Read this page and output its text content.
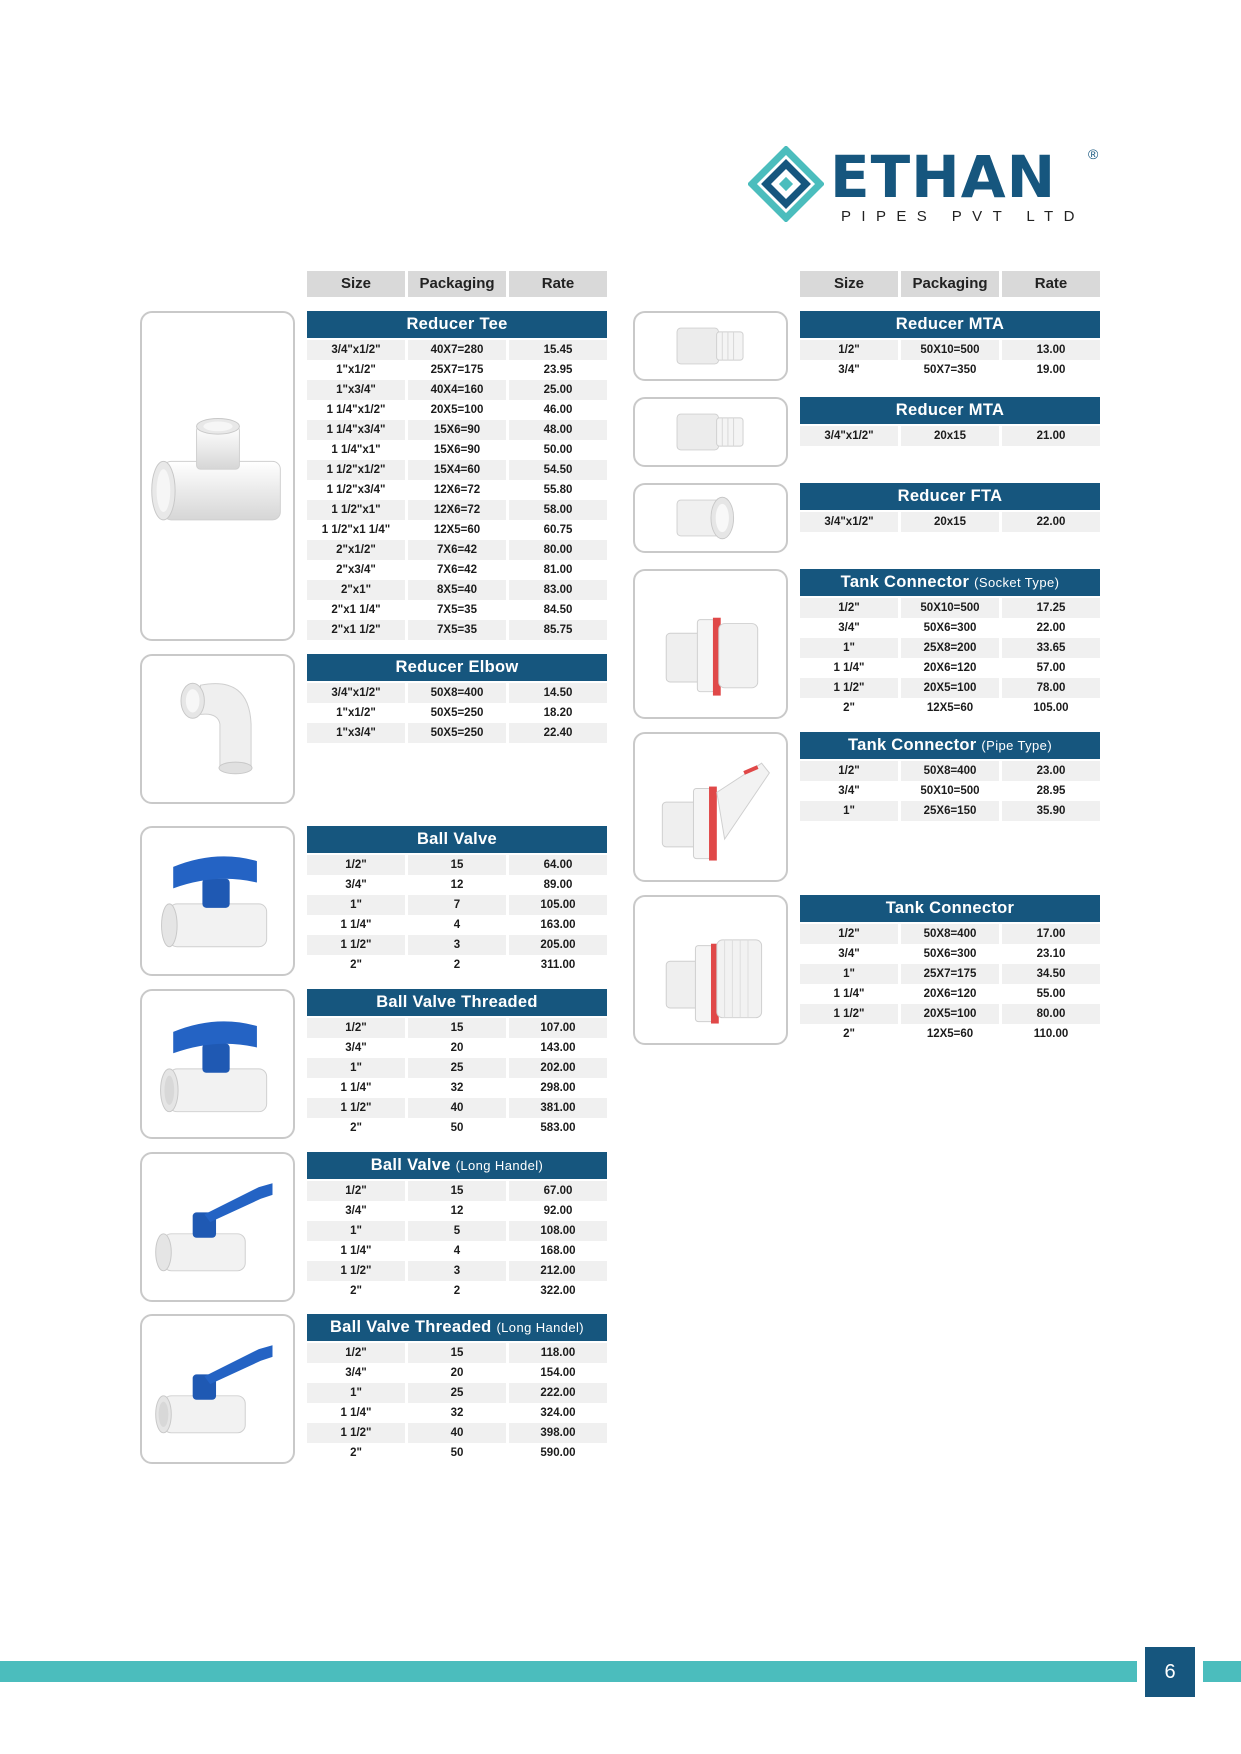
ETHAN ®
PIPES PVT LTD
Size	Packaging	Rate	Size	Packaging	Rate
Reducer Tee
3/4"x1/2"	40X7=280	15.45
1"x1/2"	25X7=175	23.95
1"x3/4"	40X4=160	25.00
1 1/4"x1/2"	20X5=100	46.00
1 1/4"x3/4"	15X6=90	48.00
1 1/4"x1"	15X6=90	50.00
1 1/2"x1/2"	15X4=60	54.50
1 1/2"x3/4"	12X6=72	55.80
1 1/2"x1"	12X6=72	58.00
1 1/2"x1 1/4"	12X5=60	60.75
2"x1/2"	7X6=42	80.00
2"x3/4"	7X6=42	81.00
2"x1"	8X5=40	83.00
2"x1 1/4"	7X5=35	84.50
2"x1 1/2"	7X5=35	85.75
Reducer Elbow
3/4"x1/2"	50X8=400	14.50
1"x1/2"	50X5=250	18.20
1"x3/4"	50X5=250	22.40
Ball Valve
1/2"	15	64.00
3/4"	12	89.00
1"	7	105.00
1 1/4"	4	163.00
1 1/2"	3	205.00
2"	2	311.00
Ball Valve Threaded
1/2"	15	107.00
3/4"	20	143.00
1"	25	202.00
1 1/4"	32	298.00
1 1/2"	40	381.00
2"	50	583.00
Ball Valve (Long Handel)
1/2"	15	67.00
3/4"	12	92.00
1"	5	108.00
1 1/4"	4	168.00
1 1/2"	3	212.00
2"	2	322.00
Ball Valve Threaded (Long Handel)
1/2"	15	118.00
3/4"	20	154.00
1"	25	222.00
1 1/4"	32	324.00
1 1/2"	40	398.00
2"	50	590.00
Reducer MTA
1/2"	50X10=500	13.00
3/4"	50X7=350	19.00
Reducer MTA
3/4"x1/2"	20x15	21.00
Reducer FTA
3/4"x1/2"	20x15	22.00
Tank Connector (Socket Type)
1/2"	50X10=500	17.25
3/4"	50X6=300	22.00
1"	25X8=200	33.65
1 1/4"	20X6=120	57.00
1 1/2"	20X5=100	78.00
2"	12X5=60	105.00
Tank Connector (Pipe Type)
1/2"	50X8=400	23.00
3/4"	50X10=500	28.95
1"	25X6=150	35.90
Tank Connector
1/2"	50X8=400	17.00
3/4"	50X6=300	23.10
1"	25X7=175	34.50
1 1/4"	20X6=120	55.00
1 1/2"	20X5=100	80.00
2"	12X5=60	110.00
6
